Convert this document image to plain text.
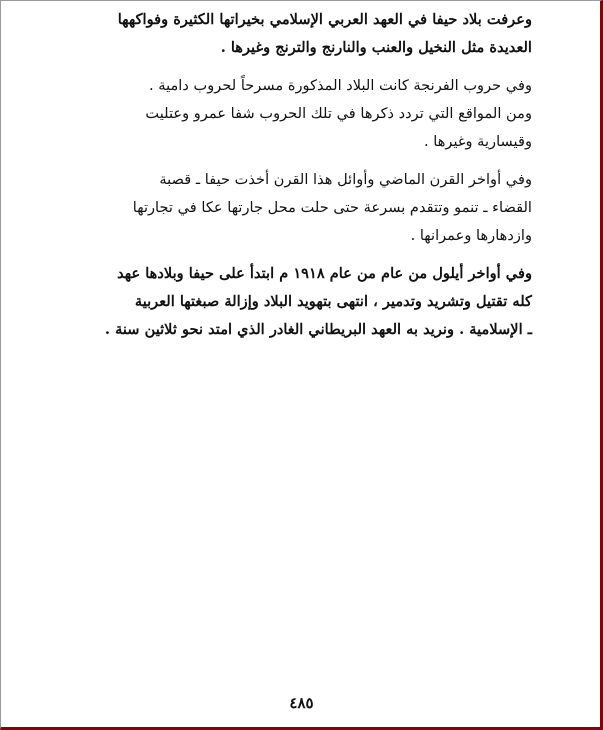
وعرفت بلاد حيفا في العهد العربي الإسلامي بخيراتها الكثيرة وفواكهها
العديدة مثل النخيل والعنب والنارنج والترنج وغيرها .

وفي حروب الفرنجة كانت البلاد المذكورة مسرحاً لحروب دامية .
ومن المواقع التي تردد ذكرها في تلك الحروب شفا عمرو وعتليت
وقيسارية وغيرها .

وفي أواخر القرن الماضي وأوائل هذا القرن أخذت حيفا ـ قصبة
القضاء ـ تنمو وتتقدم بسرعة حتى حلت محل جارتها عكا في تجارتها
وازدهارها وعمرانها .

وفي أواخر أيلول من عام من عام ١٩١٨ م ابتدأ على حيفا وبلادها عهد
كله تقتيل وتشريد وتدمير ، انتهى بتهويد البلاد وإزالة صبغتها العربية
ـ الإسلامية . ونريد به العهد البريطاني الغادر الذي امتد نحو ثلاثين سنة .

٤٨٥
